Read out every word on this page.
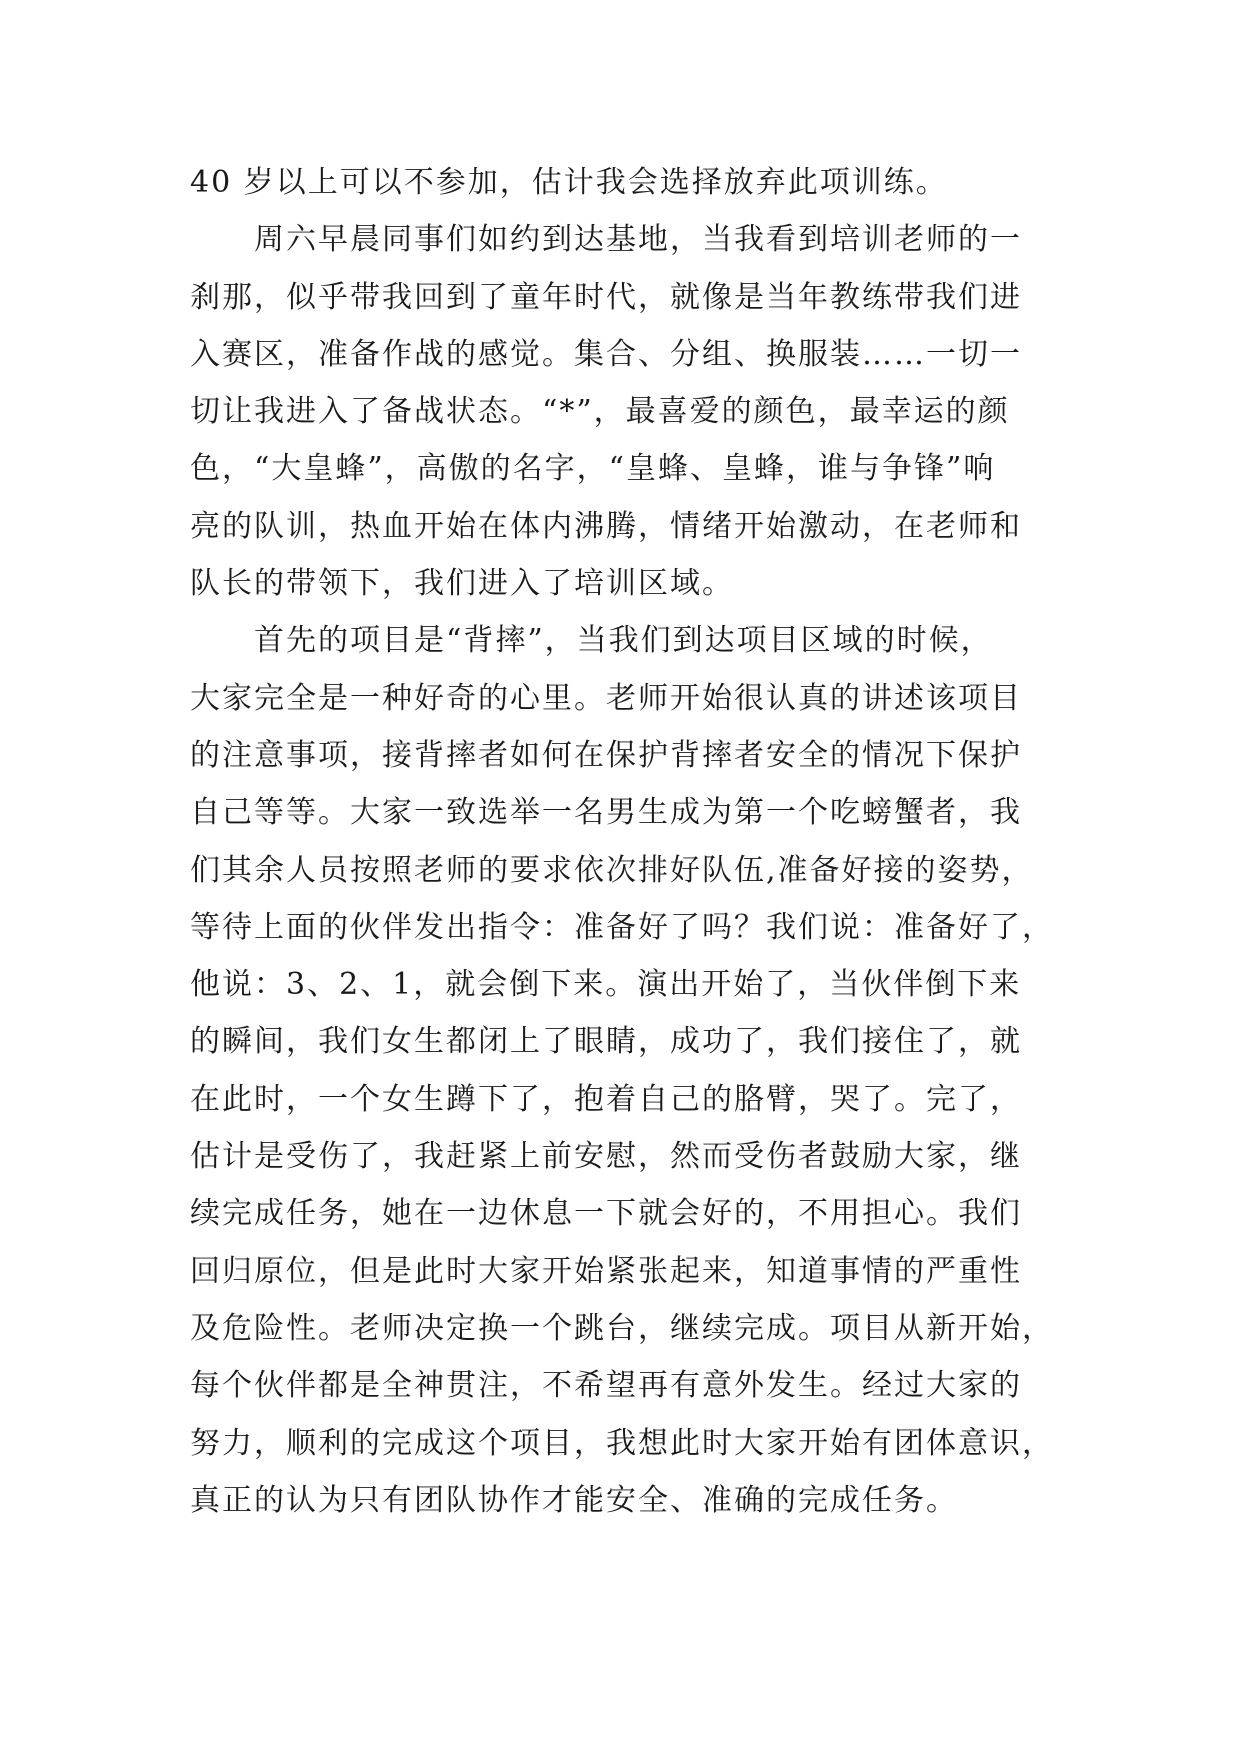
40 岁以上可以不参加，估计我会选择放弃此项训练。
周六早晨同事们如约到达基地，当我看到培训老师的一
刹那，似乎带我回到了童年时代，就像是当年教练带我们进
入赛区，准备作战的感觉。集合、分组、换服装……一切一
切让我进入了备战状态。“*”，最喜爱的颜色，最幸运的颜
色，“大皇蜂”，高傲的名字，“皇蜂、皇蜂，谁与争锋”响
亮的队训，热血开始在体内沸腾，情绪开始激动，在老师和
队长的带领下，我们进入了培训区域。
首先的项目是“背摔”，当我们到达项目区域的时候，
大家完全是一种好奇的心里。老师开始很认真的讲述该项目
的注意事项，接背摔者如何在保护背摔者安全的情况下保护
自己等等。大家一致选举一名男生成为第一个吃螃蟹者，我
们其余人员按照老师的要求依次排好队伍,准备好接的姿势，
等待上面的伙伴发出指令：准备好了吗？我们说：准备好了，
他说：3、2、1，就会倒下来。演出开始了，当伙伴倒下来
的瞬间，我们女生都闭上了眼睛，成功了，我们接住了，就
在此时，一个女生蹲下了，抱着自己的胳臂，哭了。完了，
估计是受伤了，我赶紧上前安慰，然而受伤者鼓励大家，继
续完成任务，她在一边休息一下就会好的，不用担心。我们
回归原位，但是此时大家开始紧张起来，知道事情的严重性
及危险性。老师决定换一个跳台，继续完成。项目从新开始，
每个伙伴都是全神贯注，不希望再有意外发生。经过大家的
努力，顺利的完成这个项目，我想此时大家开始有团体意识，
真正的认为只有团队协作才能安全、准确的完成任务。
